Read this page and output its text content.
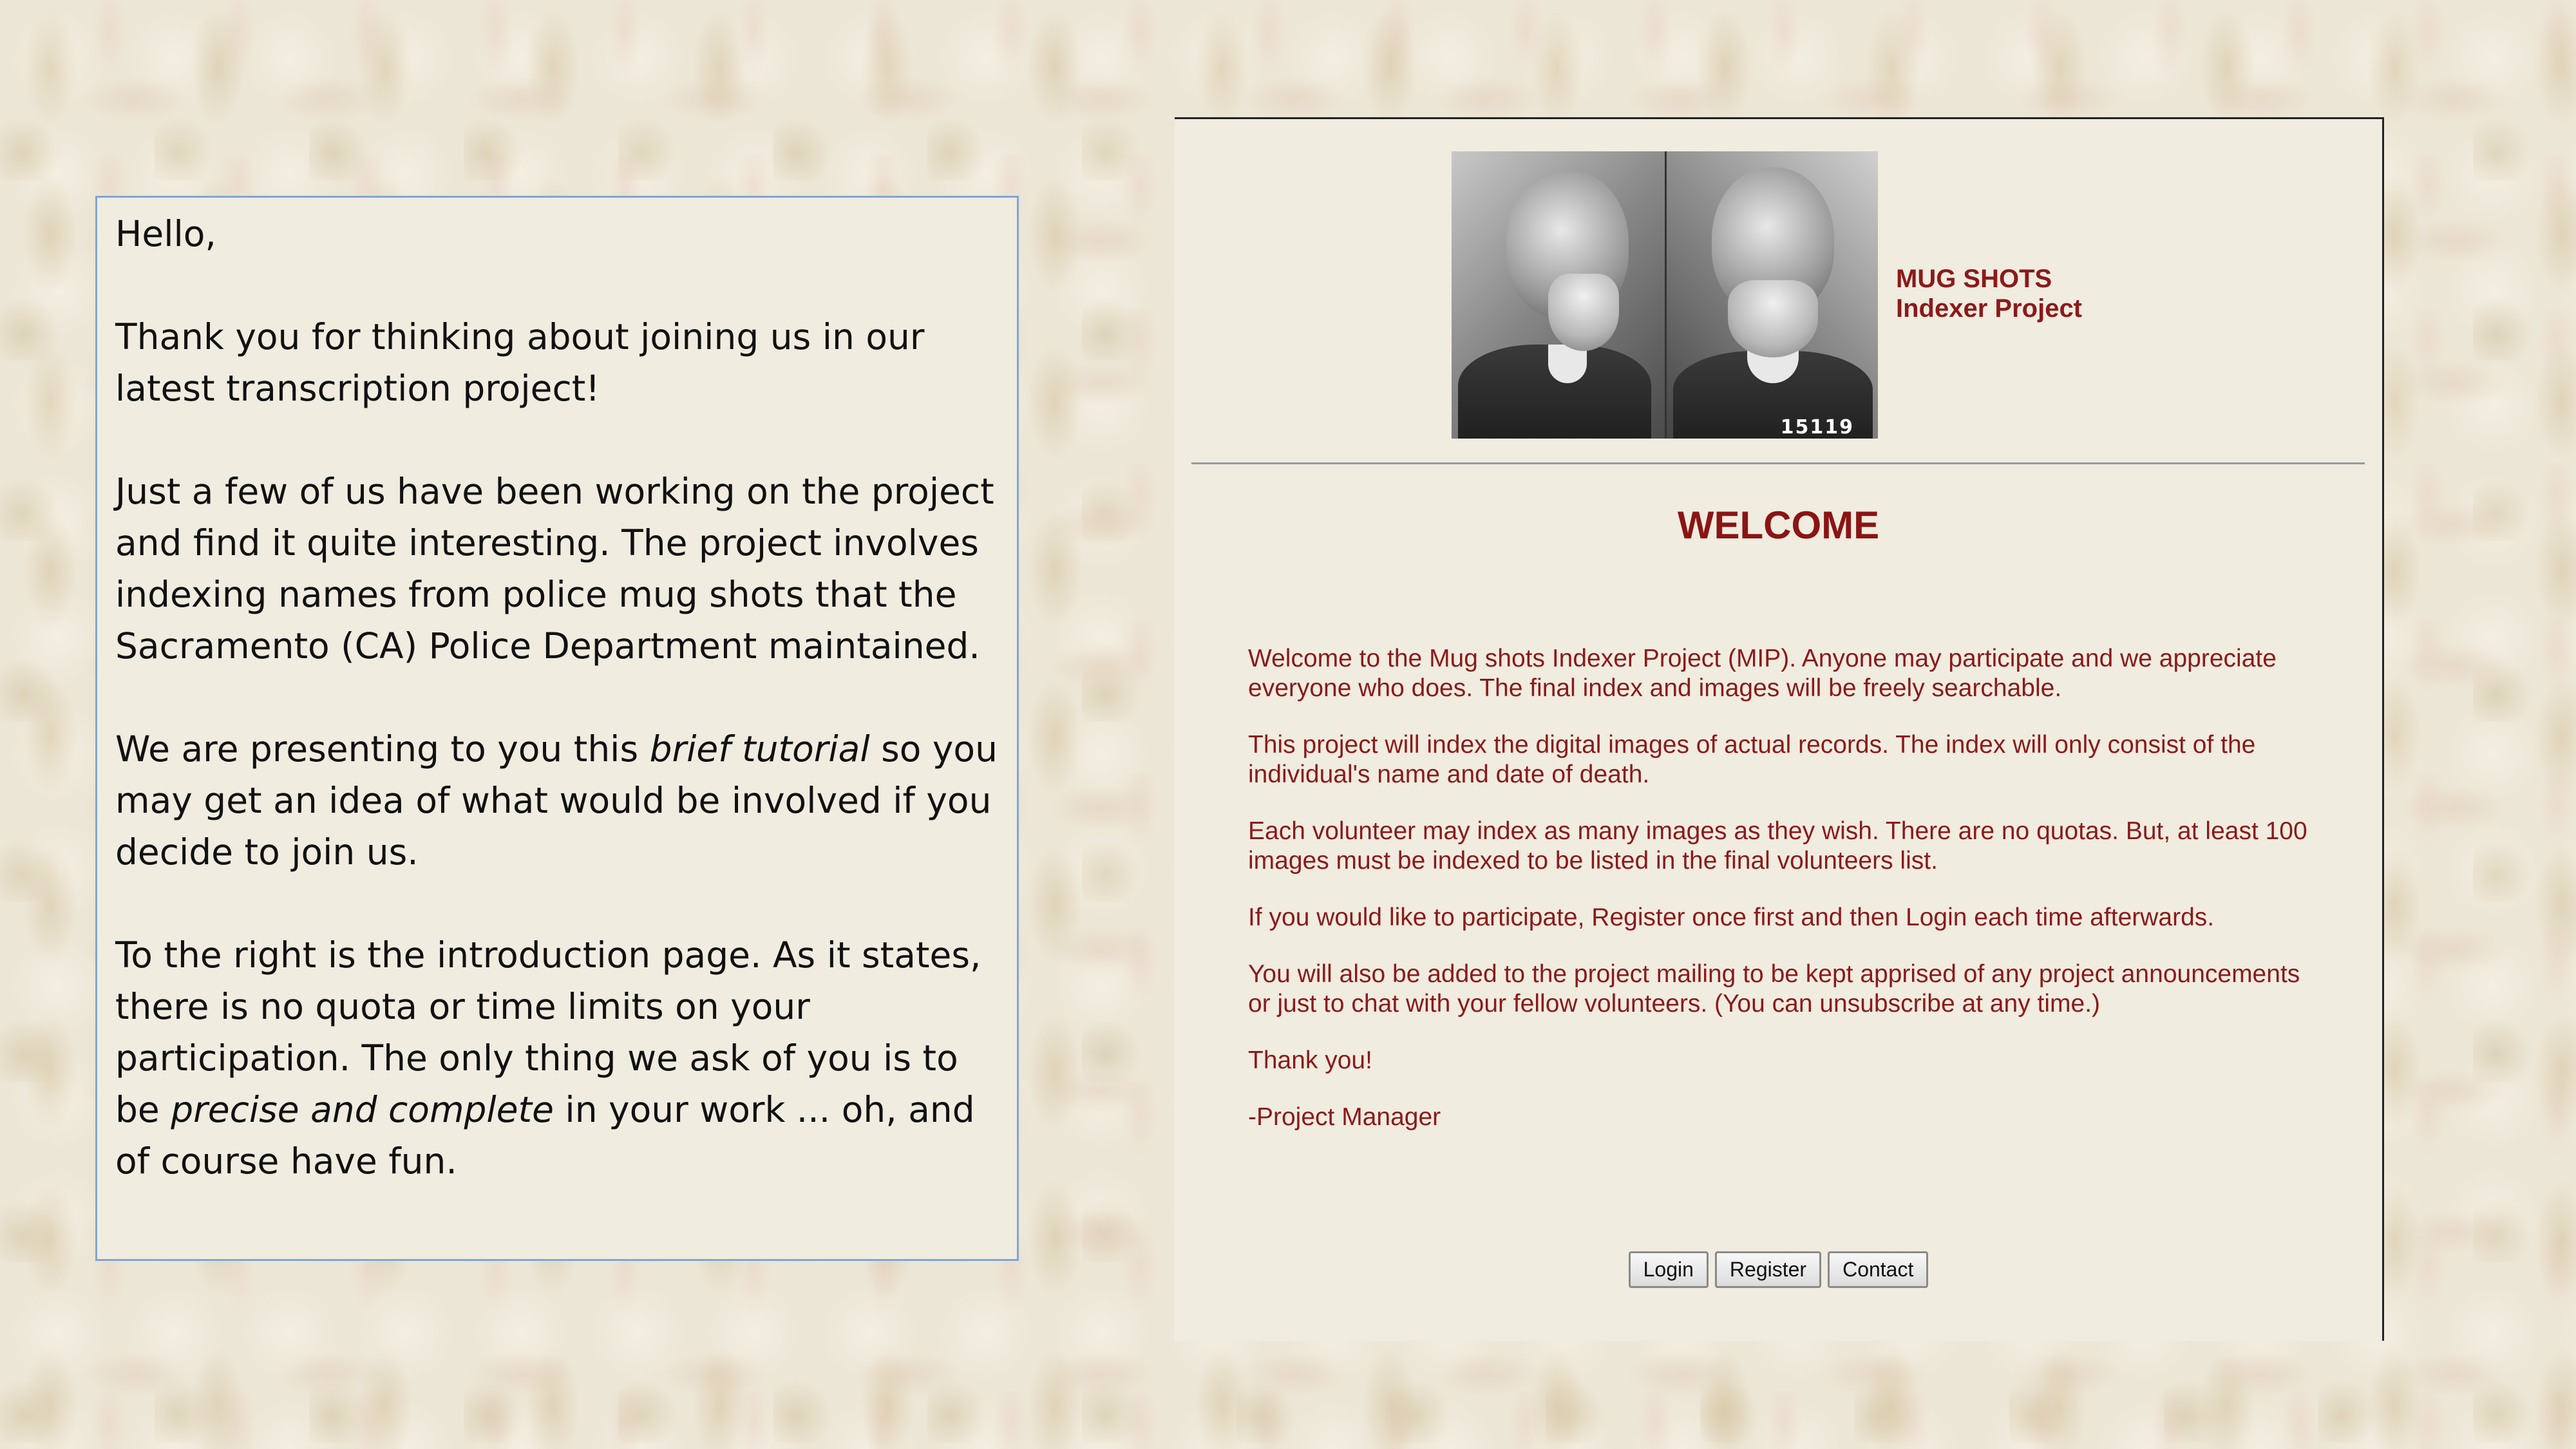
Hello,

Thank you for thinking about joining us in our latest transcription project!

Just a few of us have been working on the project and find it quite interesting. The project involves indexing names from police mug shots that the Sacramento (CA) Police Department maintained.

We are presenting to you this brief tutorial so you may get an idea of what would be involved if you decide to join us.

To the right is the introduction page. As it states, there is no quota or time limits on your participation. The only thing we ask of you is to be precise and complete in your work ... oh, and of course have fun.

15119
MUG SHOTS
Indexer Project
WELCOME

Welcome to the Mug shots Indexer Project (MIP). Anyone may participate and we appreciate everyone who does. The final index and images will be freely searchable.

This project will index the digital images of actual records. The index will only consist of the individual's name and date of death.

Each volunteer may index as many images as they wish. There are no quotas. But, at least 100 images must be indexed to be listed in the final volunteers list.

If you would like to participate, Register once first and then Login each time afterwards.

You will also be added to the project mailing to be kept apprised of any project announcements or just to chat with your fellow volunteers. (You can unsubscribe at any time.)

Thank you!

-Project Manager

Login Register Contact
